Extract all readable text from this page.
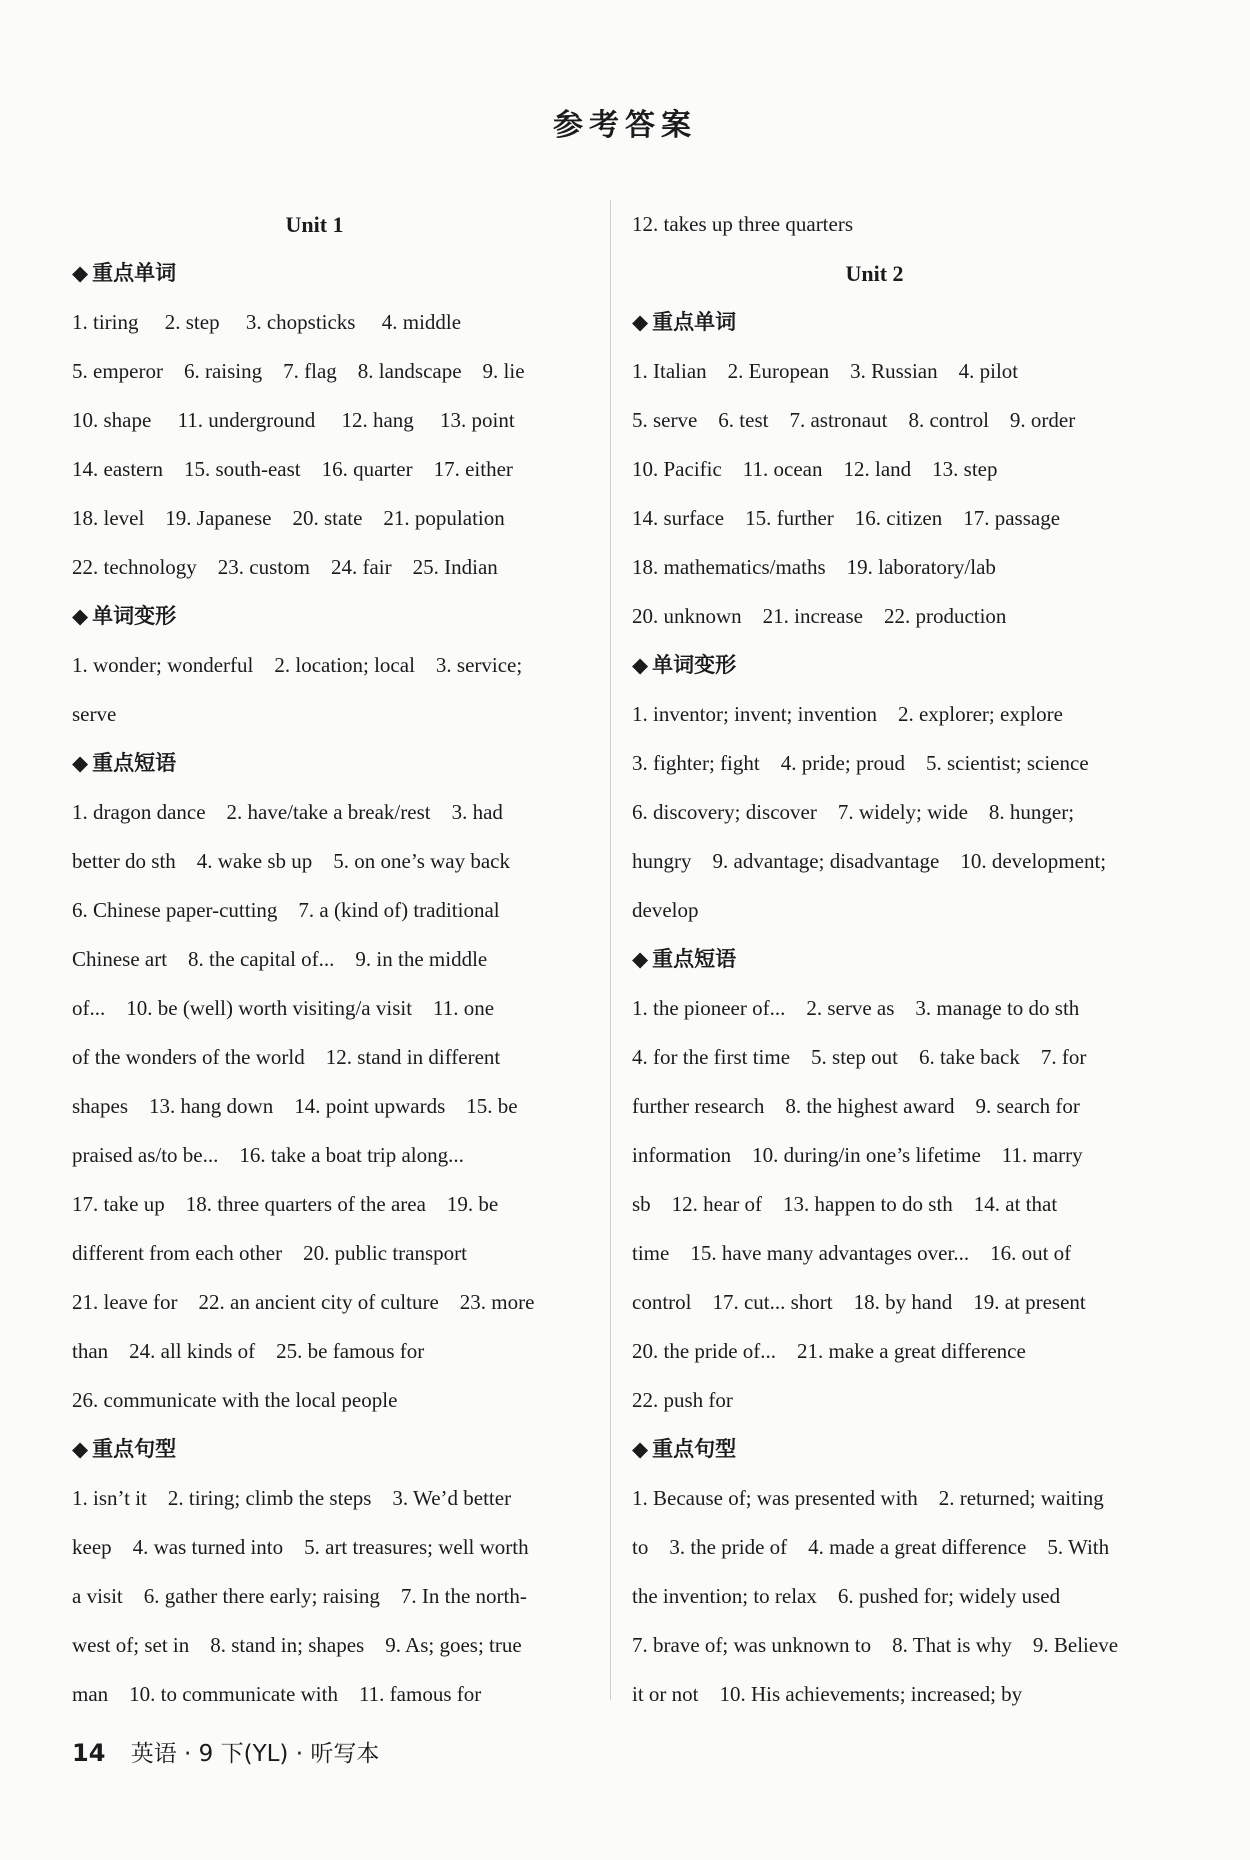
参考答案
Unit 1
◆ 重点单词
1. tiring　 2. step　 3. chopsticks　 4. middle
5. emperor　6. raising　7. flag　8. landscape　9. lie
10. shape　 11. underground　 12. hang　 13. point
14. eastern　15. south-east　16. quarter　17. either
18. level　19. Japanese　20. state　21. population
22. technology　23. custom　24. fair　25. Indian
◆ 单词变形
1. wonder; wonderful　2. location; local　3. service;
serve
◆ 重点短语
1. dragon dance　2. have/take a break/rest　3. had
better do sth　4. wake sb up　5. on one’s way back
6. Chinese paper-cutting　7. a (kind of) traditional
Chinese art　8. the capital of...　9. in the middle
of...　10. be (well) worth visiting/a visit　11. one
of the wonders of the world　12. stand in different
shapes　13. hang down　14. point upwards　15. be
praised as/to be...　16. take a boat trip along...
17. take up　18. three quarters of the area　19. be
different from each other　20. public transport
21. leave for　22. an ancient city of culture　23. more
than　24. all kinds of　25. be famous for
26. communicate with the local people
◆ 重点句型
1. isn’t it　2. tiring; climb the steps　3. We’d better
keep　4. was turned into　5. art treasures; well worth
a visit　6. gather there early; raising　7. In the north-
west of; set in　8. stand in; shapes　9. As; goes; true
man　10. to communicate with　11. famous for
12. takes up three quarters
Unit 2
◆ 重点单词
1. Italian　2. European　3. Russian　4. pilot
5. serve　6. test　7. astronaut　8. control　9. order
10. Pacific　11. ocean　12. land　13. step
14. surface　15. further　16. citizen　17. passage
18. mathematics/maths　19. laboratory/lab
20. unknown　21. increase　22. production
◆ 单词变形
1. inventor; invent; invention　2. explorer; explore
3. fighter; fight　4. pride; proud　5. scientist; science
6. discovery; discover　7. widely; wide　8. hunger;
hungry　9. advantage; disadvantage　10. development;
develop
◆ 重点短语
1. the pioneer of...　2. serve as　3. manage to do sth
4. for the first time　5. step out　6. take back　7. for
further research　8. the highest award　9. search for
information　10. during/in one’s lifetime　11. marry
sb　12. hear of　13. happen to do sth　14. at that
time　15. have many advantages over...　16. out of
control　17. cut... short　18. by hand　19. at present
20. the pride of...　21. make a great difference
22. push for
◆ 重点句型
1. Because of; was presented with　2. returned; waiting
to　3. the pride of　4. made a great difference　5. With
the invention; to relax　6. pushed for; widely used
7. brave of; was unknown to　8. That is why　9. Believe
it or not　10. His achievements; increased; by
14 英语 · 9 下(YL) · 听写本
